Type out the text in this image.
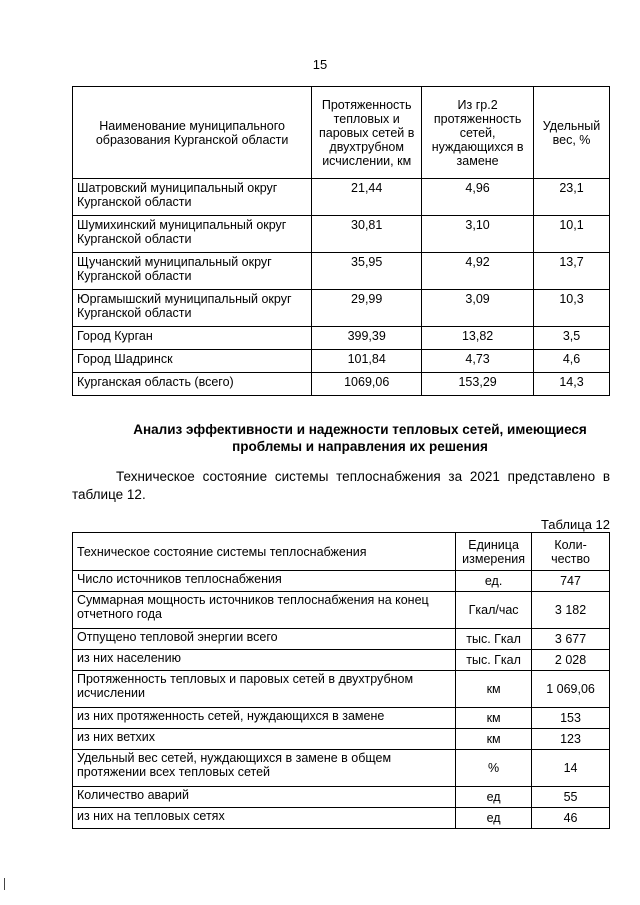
15
Наименование муниципального образования Курганской области	Протяженность тепловых и паровых сетей в двухтрубном исчислении, км	Из гр.2 протяженность сетей, нуждающихся в замене	Удельный вес, %
Шатровский муниципальный округ Курганской области	21,44	4,96	23,1
Шумихинский муниципальный округ Курганской области	30,81	3,10	10,1
Щучанский муниципальный округ Курганской области	35,95	4,92	13,7
Юргамышский муниципальный округ Курганской области	29,99	3,09	10,3
Город Курган	399,39	13,82	3,5
Город Шадринск	101,84	4,73	4,6
Курганская область (всего)	1069,06	153,29	14,3
Анализ эффективности и надежности тепловых сетей, имеющиеся проблемы и направления их решения
Техническое состояние системы теплоснабжения за 2021 представлено в таблице 12.
Таблица 12
Техническое состояние системы теплоснабжения	Единица измерения	Коли-чество
Число источников теплоснабжения	ед.	747
Суммарная мощность источников теплоснабжения на конец отчетного года	Гкал/час	3 182
Отпущено тепловой энергии всего	тыс. Гкал	3 677
из них населению	тыс. Гкал	2 028
Протяженность тепловых и паровых сетей в двухтрубном исчислении	км	1 069,06
из них протяженность сетей, нуждающихся в замене	км	153
из них ветхих	км	123
Удельный вес сетей, нуждающихся в замене в общем протяжении всех тепловых сетей	%	14
Количество аварий	ед	55
из них на тепловых сетях	ед	46
